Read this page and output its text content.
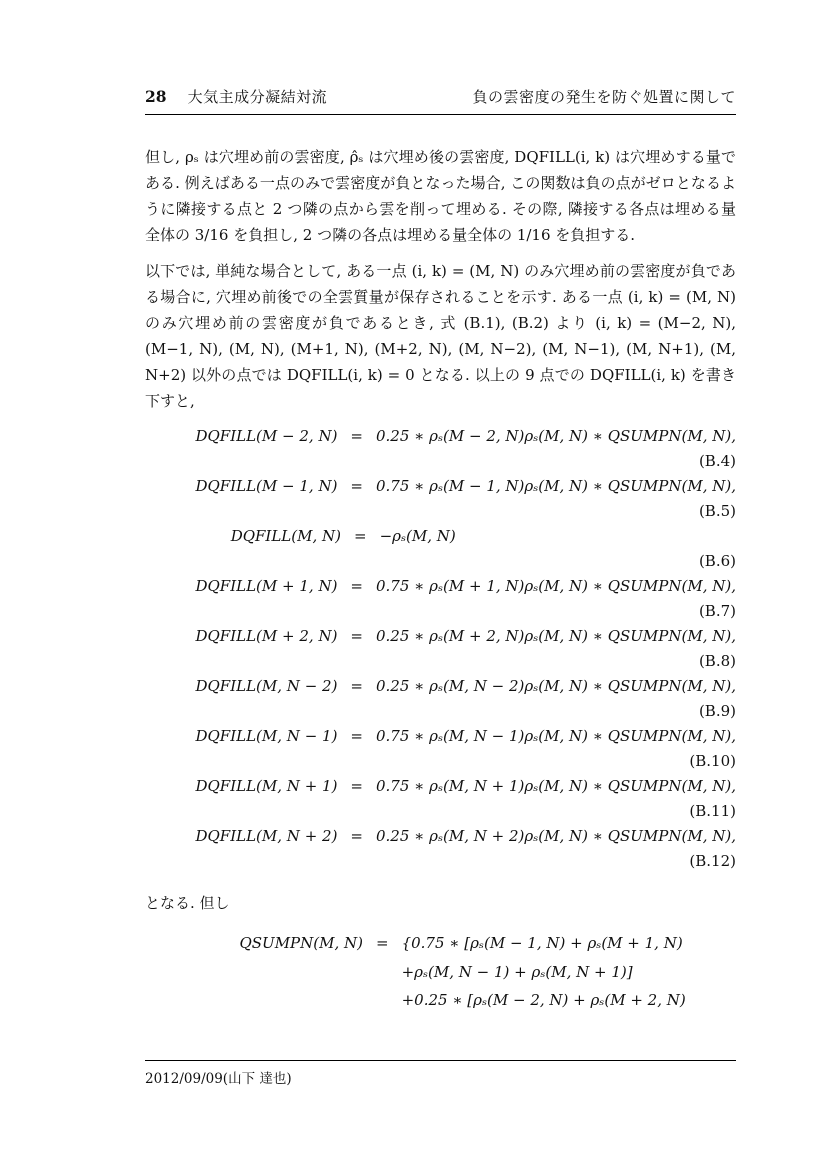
28 大気主成分凝結対流	負の雲密度の発生を防ぐ処置に関して

但し, ρₛ は穴埋め前の雲密度, ρ̂ₛ は穴埋め後の雲密度, DQFILL(i, k) は穴埋めする量である. 例えばある一点のみで雲密度が負となった場合, この関数は負の点がゼロとなるように隣接する点と 2 つ隣の点から雲を削って埋める. その際, 隣接する各点は埋める量全体の 3/16 を負担し, 2 つ隣の各点は埋める量全体の 1/16 を負担する.

以下では, 単純な場合として, ある一点 (i, k) = (M, N) のみ穴埋め前の雲密度が負である場合に, 穴埋め前後での全雲質量が保存されることを示す. ある一点 (i, k) = (M, N) のみ穴埋め前の雲密度が負であるとき, 式 (B.1), (B.2) より (i, k) = (M−2, N), (M−1, N), (M, N), (M+1, N), (M+2, N), (M, N−2), (M, N−1), (M, N+1), (M, N+2) 以外の点では DQFILL(i, k) = 0 となる. 以上の 9 点での DQFILL(i, k) を書き下すと,

DQFILL(M − 2, N) = 0.25 ∗ ρₛ(M − 2, N)ρₛ(M, N) ∗ QSUMPN(M, N),
(B.4)
DQFILL(M − 1, N) = 0.75 ∗ ρₛ(M − 1, N)ρₛ(M, N) ∗ QSUMPN(M, N),
(B.5)
DQFILL(M, N) = −ρₛ(M, N)
(B.6)
DQFILL(M + 1, N) = 0.75 ∗ ρₛ(M + 1, N)ρₛ(M, N) ∗ QSUMPN(M, N),
(B.7)
DQFILL(M + 2, N) = 0.25 ∗ ρₛ(M + 2, N)ρₛ(M, N) ∗ QSUMPN(M, N),
(B.8)
DQFILL(M, N − 2) = 0.25 ∗ ρₛ(M, N − 2)ρₛ(M, N) ∗ QSUMPN(M, N),
(B.9)
DQFILL(M, N − 1) = 0.75 ∗ ρₛ(M, N − 1)ρₛ(M, N) ∗ QSUMPN(M, N),
(B.10)
DQFILL(M, N + 1) = 0.75 ∗ ρₛ(M, N + 1)ρₛ(M, N) ∗ QSUMPN(M, N),
(B.11)
DQFILL(M, N + 2) = 0.25 ∗ ρₛ(M, N + 2)ρₛ(M, N) ∗ QSUMPN(M, N),
(B.12)
となる. 但し
QSUMPN(M, N) = {0.75 ∗ [ρₛ(M − 1, N) + ρₛ(M + 1, N)
+ρₛ(M, N − 1) + ρₛ(M, N + 1)]
+0.25 ∗ [ρₛ(M − 2, N) + ρₛ(M + 2, N)
2012/09/09(山下 達也)
